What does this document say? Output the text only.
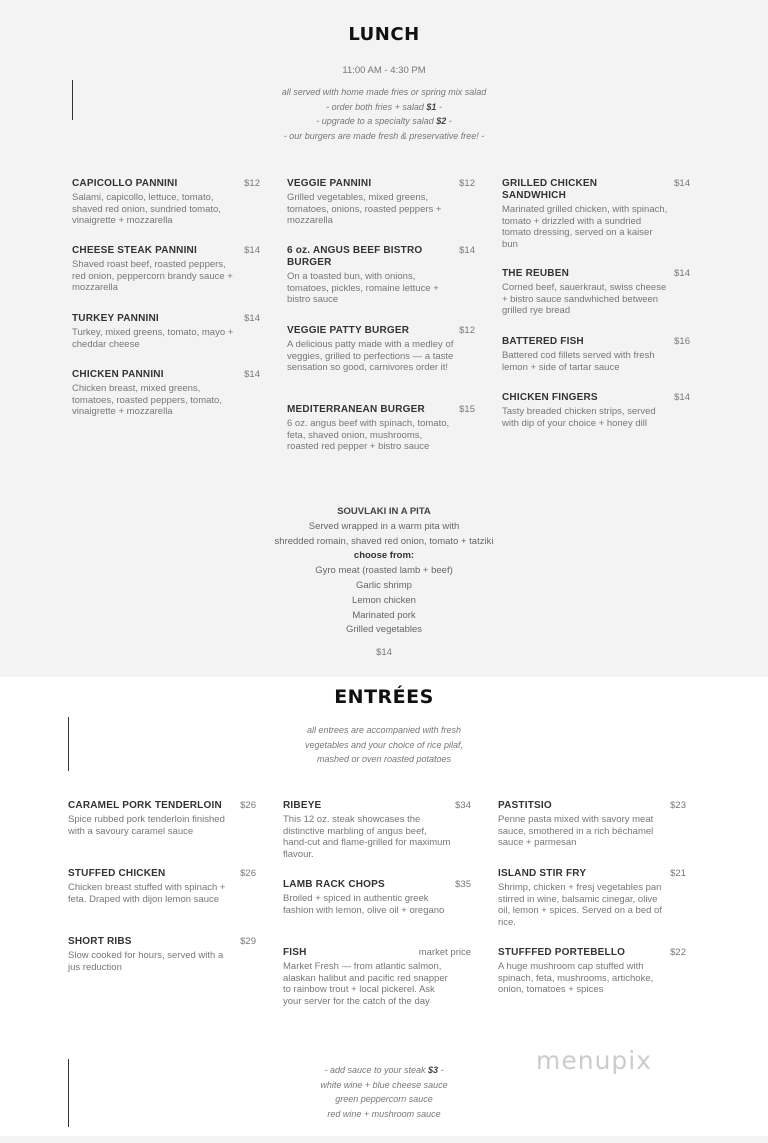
LUNCH
11:00 AM - 4:30 PM
all served with home made fries or spring mix salad
- order both fries + salad $1 -
- upgrade to a specialty salad $2 -
- our burgers are made fresh & preservative free! -
CAPICOLLO PANNINI	$12
Salami, capicollo, lettuce, tomato, shaved red onion, sundried tomato, vinaigrette + mozzarella
CHEESE STEAK PANNINI	$14
Shaved roast beef, roasted peppers, red onion, peppercorn brandy sauce + mozzarella
TURKEY PANNINI	$14
Turkey, mixed greens, tomato, mayo + cheddar cheese
CHICKEN PANNINI	$14
Chicken breast, mixed greens, tomatoes, roasted peppers, tomato, vinaigrette + mozzarella
VEGGIE PANNINI	$12
Grilled vegetables, mixed greens, tomatoes, onions, roasted peppers + mozzarella
6 oz. ANGUS BEEF BISTRO BURGER
$14
On a toasted bun, with onions, tomatoes, pickles, romaine lettuce + bistro sauce
VEGGIE PATTY BURGER	$12
A delicious patty made with a medley of veggies, grilled to perfections — a taste sensation so good, carnivores order it!
MEDITERRANEAN BURGER	$15
6 oz. angus beef with spinach, tomato, feta, shaved onion, mushrooms, roasted red pepper + bistro sauce
GRILLED CHICKEN SANDWHICH
$14
Marinated grilled chicken, with spinach, tomato + drizzled with a sundried tomato dressing, served on a kaiser bun
THE REUBEN	$14
Corned beef, sauerkraut, swiss cheese + bistro sauce sandwhiched between grilled rye bread
BATTERED FISH	$16
Battered cod fillets served with fresh lemon + side of tartar sauce
CHICKEN FINGERS	$14
Tasty breaded chicken strips, served with dip of your choice + honey dill
SOUVLAKI IN A PITA
Served wrapped in a warm pita with
shredded romain, shaved red onion, tomato + tatziki
choose from:
Gyro meat (roasted lamb + beef)
Garlic shrimp
Lemon chicken
Marinated pork
Grilled vegetables
$14
ENTRÉES
all entrees are accompanied with fresh
vegetables and your choice of rice pilaf,
mashed or oven roasted potatoes
CARAMEL PORK TENDERLOIN	$26
Spice rubbed pork tenderloin finished with a savoury caramel sauce
STUFFED CHICKEN	$26
Chicken breast stuffed with spinach + feta. Draped with dijon lemon sauce
SHORT RIBS	$29
Slow cooked for hours, served with a jus reduction
RIBEYE	$34
This 12 oz. steak showcases the distinctive marbling of angus beef, hand-cut and flame-grilled for maximum flavour.
LAMB RACK CHOPS	$35
Broiled + spiced in authentic greek fashion with lemon, olive oil + oregano
FISH	market price
Market Fresh — from atlantic salmon, alaskan halibut and pacific red snapper to rainbow trout + local pickerel. Ask your server for the catch of the day
PASTITSIO	$23
Penne pasta mixed with savory meat sauce, smothered in a rich béchamel sauce + parmesan
ISLAND STIR FRY	$21
Shrimp, chicken + fresj vegetables pan stirred in wine, balsamic cinegar, olive oil, lemon + spices. Served on a bed of rice.
STUFFFED PORTEBELLO	$22
A huge mushroom cap stuffed with spinach, feta, mushrooms, artichoke, onion, tomatoes + spices
- add sauce to your steak $3 -
white wine + blue cheese sauce
green peppercorn sauce
red wine + mushroom sauce
menupix
